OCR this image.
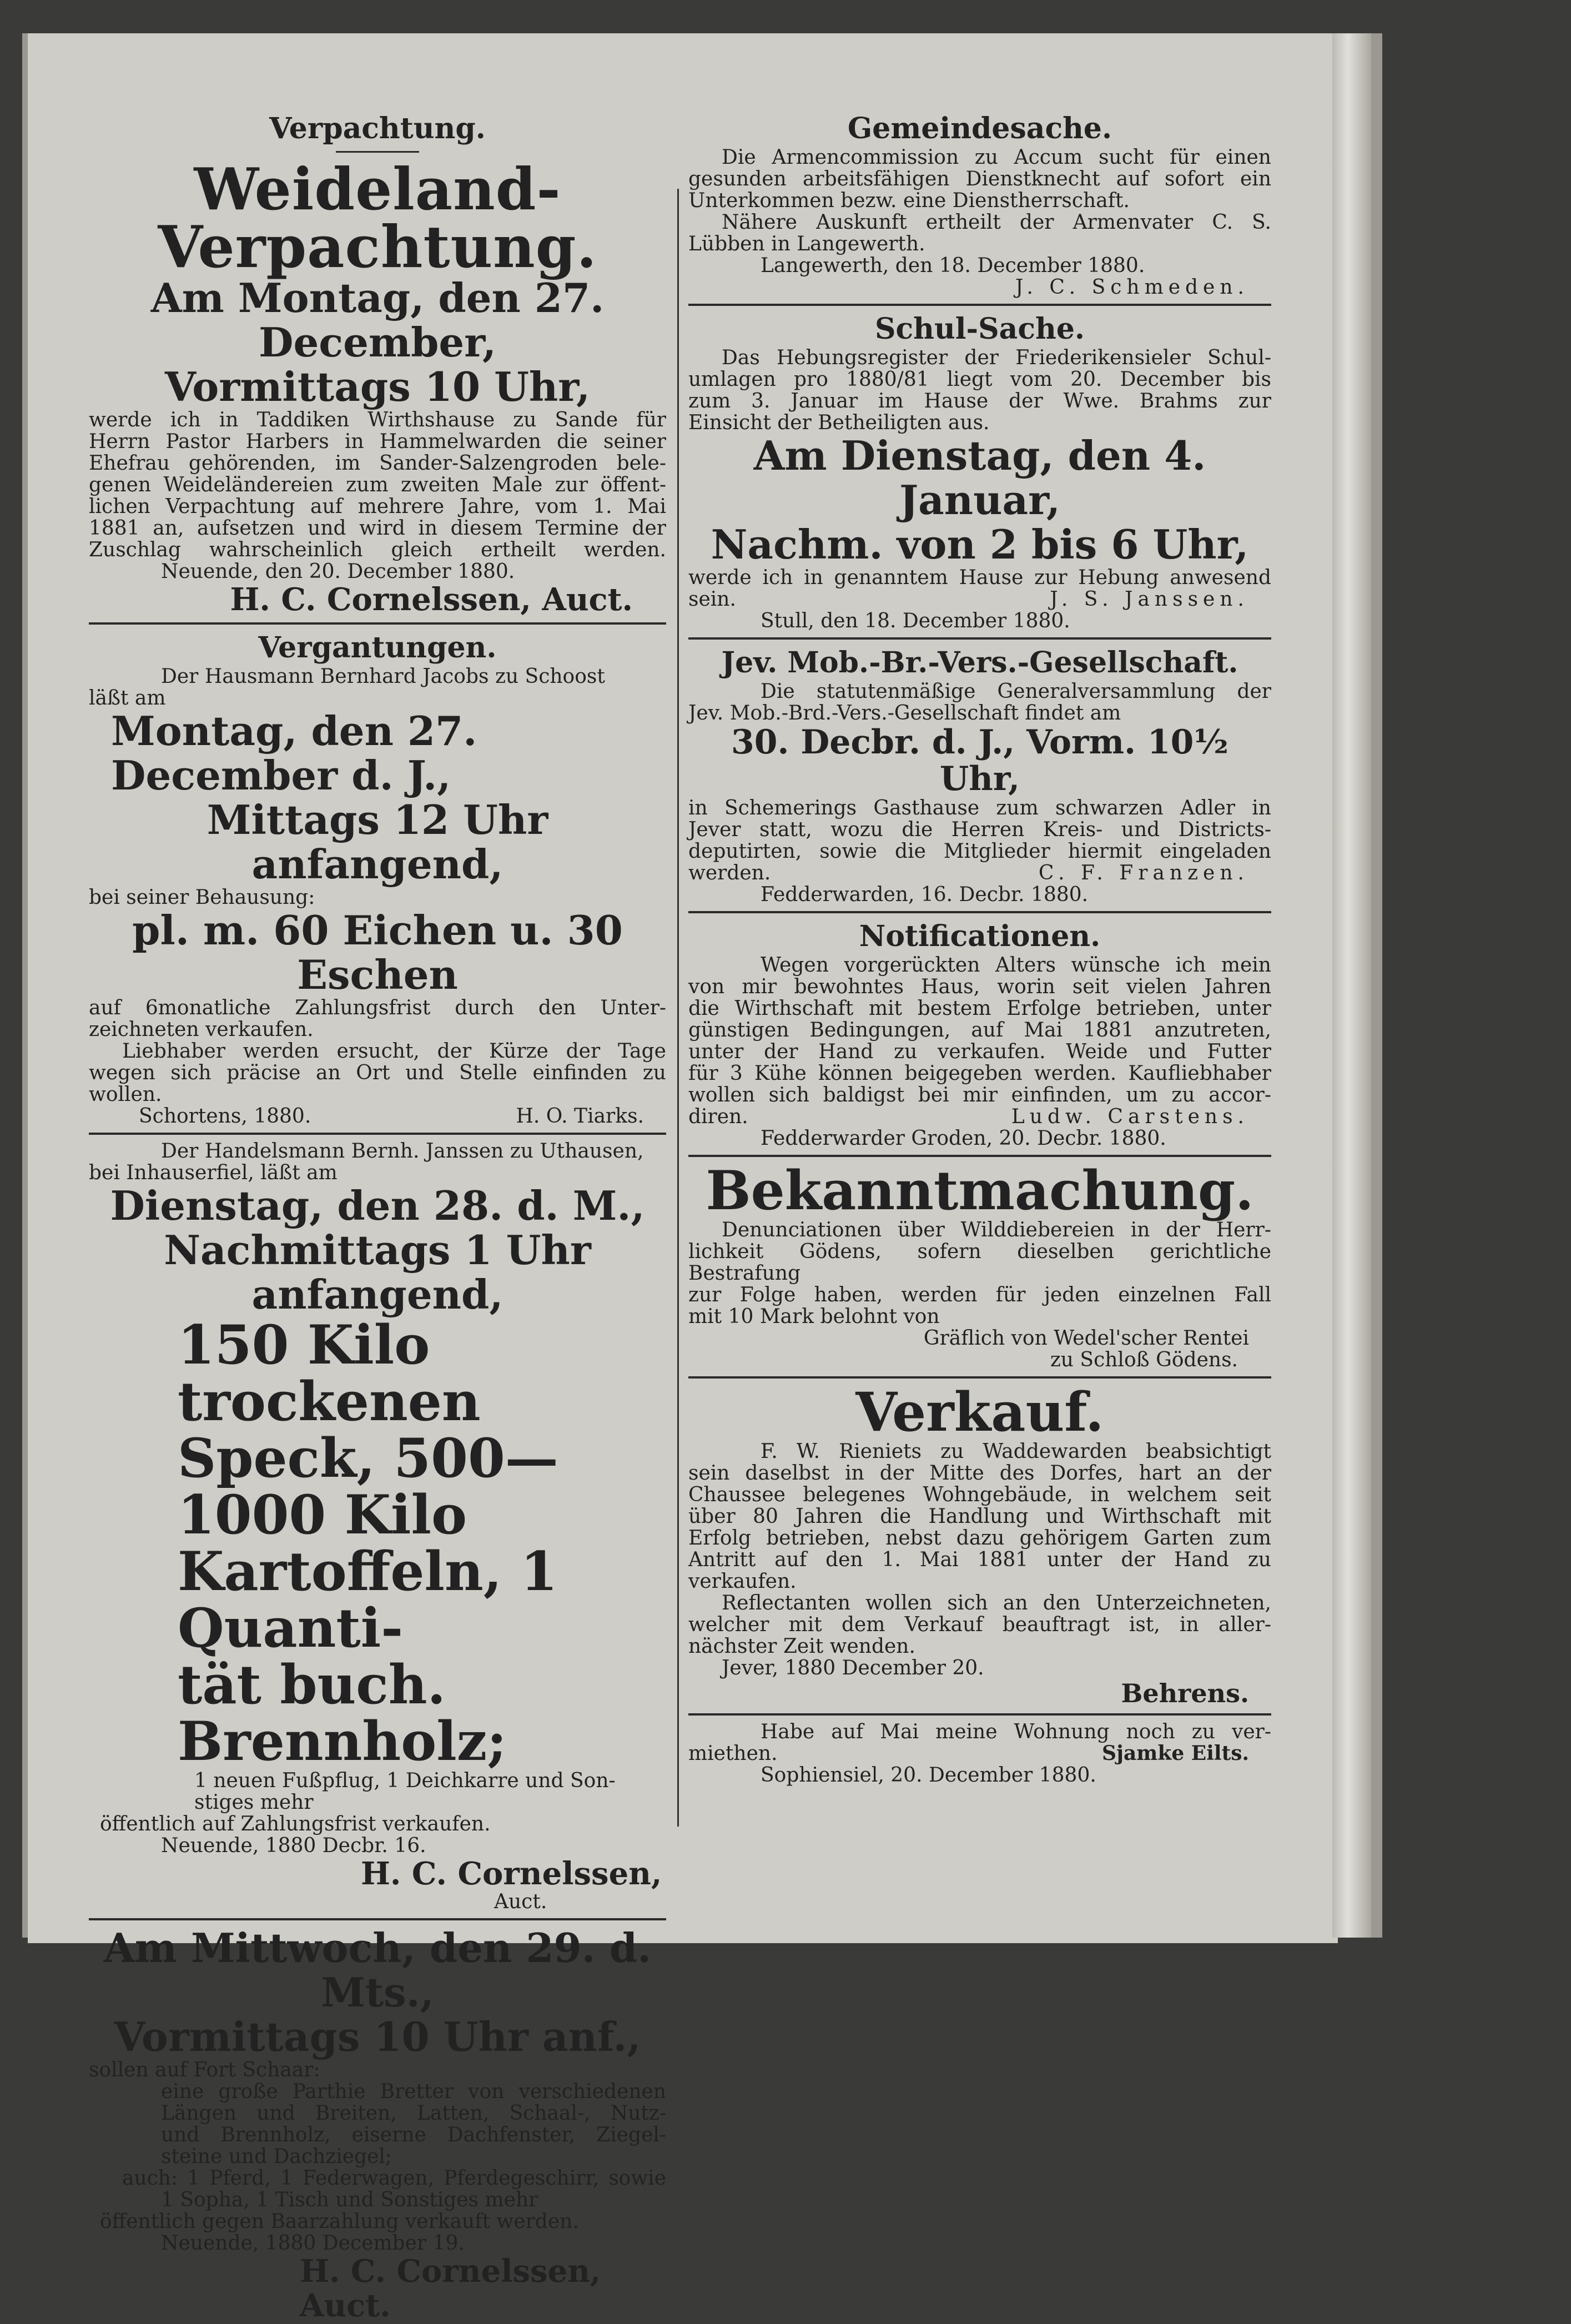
Verpachtung.
Weideland-Verpachtung.
Am Montag, den 27. December,
Vormittags 10 Uhr,
werde ich in Taddiken Wirthshause zu Sande für
Herrn Pastor Harbers in Hammelwarden die seiner
Ehefrau gehörenden, im Sander-Salzengroden bele-
genen Weideländereien zum zweiten Male zur öffent-
lichen Verpachtung auf mehrere Jahre, vom 1. Mai
1881 an, aufsetzen und wird in diesem Termine der
Zuschlag wahrscheinlich gleich ertheilt werden.
Neuende, den 20. December 1880.
H. C. Cornelssen, Auct.
Vergantungen.
Der Hausmann Bernhard Jacobs zu Schoost
läßt am
Montag, den 27. December d. J.,
Mittags 12 Uhr anfangend,
bei seiner Behausung:
pl. m. 60 Eichen u. 30 Eschen
auf 6monatliche Zahlungsfrist durch den Unter-
zeichneten verkaufen.
Liebhaber werden ersucht, der Kürze der Tage
wegen sich präcise an Ort und Stelle einfinden zu
wollen.
Schortens, 1880.	H. O. Tiarks.
Der Handelsmann Bernh. Janssen zu Uthausen,
bei Inhauserfiel, läßt am
Dienstag, den 28. d. M.,
Nachmittags 1 Uhr anfangend,
150 Kilo trockenen
Speck, 500—1000 Kilo
Kartoffeln, 1 Quanti-
tät buch. Brennholz;
1 neuen Fußpflug, 1 Deichkarre und Son-
stiges mehr
öffentlich auf Zahlungsfrist verkaufen.
Neuende, 1880 Decbr. 16.
H. C. Cornelssen,
Auct.
Am Mittwoch, den 29. d. Mts.,
Vormittags 10 Uhr anf.,
sollen auf Fort Schaar:
eine große Parthie Bretter von verschiedenen
Längen und Breiten, Latten, Schaal-, Nutz-
und Brennholz, eiserne Dachfenster, Ziegel-
steine und Dachziegel;
auch: 1 Pferd, 1 Federwagen, Pferdegeschirr, sowie
1 Sopha, 1 Tisch und Sonstiges mehr
öffentlich gegen Baarzahlung verkauft werden.
Neuende, 1880 December 19.
H. C. Cornelssen, Auct.
Gemeindesache.
Die Armencommission zu Accum sucht für einen
gesunden arbeitsfähigen Dienstknecht auf sofort ein
Unterkommen bezw. eine Dienstherrschaft.
Nähere Auskunft ertheilt der Armenvater C. S.
Lübben in Langewerth.
Langewerth, den 18. December 1880.
J. C. Schmeden.
Schul-Sache.
Das Hebungsregister der Friederikensieler Schul-
umlagen pro 1880/81 liegt vom 20. December bis
zum 3. Januar im Hause der Wwe. Brahms zur
Einsicht der Betheiligten aus.
Am Dienstag, den 4. Januar,
Nachm. von 2 bis 6 Uhr,
werde ich in genanntem Hause zur Hebung anwesend
sein.	J. S. Janssen.
Stull, den 18. December 1880.
Jev. Mob.-Br.-Vers.-Gesellschaft.
Die statutenmäßige Generalversammlung der
Jev. Mob.-Brd.-Vers.-Gesellschaft findet am
30. Decbr. d. J., Vorm. 10½ Uhr,
in Schemerings Gasthause zum schwarzen Adler in
Jever statt, wozu die Herren Kreis- und Districts-
deputirten, sowie die Mitglieder hiermit eingeladen
werden.	C. F. Franzen.
Fedderwarden, 16. Decbr. 1880.
Notificationen.
Wegen vorgerückten Alters wünsche ich mein
von mir bewohntes Haus, worin seit vielen Jahren
die Wirthschaft mit bestem Erfolge betrieben, unter
günstigen Bedingungen, auf Mai 1881 anzutreten,
unter der Hand zu verkaufen. Weide und Futter
für 3 Kühe können beigegeben werden. Kaufliebhaber
wollen sich baldigst bei mir einfinden, um zu accor-
diren.	Ludw. Carstens.
Fedderwarder Groden, 20. Decbr. 1880.
Bekanntmachung.
Denunciationen über Wilddiebereien in der Herr-
lichkeit Gödens, sofern dieselben gerichtliche Bestrafung
zur Folge haben, werden für jeden einzelnen Fall
mit 10 Mark belohnt von
Gräflich von Wedel'scher Rentei
zu Schloß Gödens.
Verkauf.
F. W. Rieniets zu Waddewarden beabsichtigt
sein daselbst in der Mitte des Dorfes, hart an der
Chaussee belegenes Wohngebäude, in welchem seit
über 80 Jahren die Handlung und Wirthschaft mit
Erfolg betrieben, nebst dazu gehörigem Garten zum
Antritt auf den 1. Mai 1881 unter der Hand zu
verkaufen.
Reflectanten wollen sich an den Unterzeichneten,
welcher mit dem Verkauf beauftragt ist, in aller-
nächster Zeit wenden.
Jever, 1880 December 20.
Behrens.
Habe auf Mai meine Wohnung noch zu ver-
miethen.	Sjamke Eilts.
Sophiensiel, 20. December 1880.
